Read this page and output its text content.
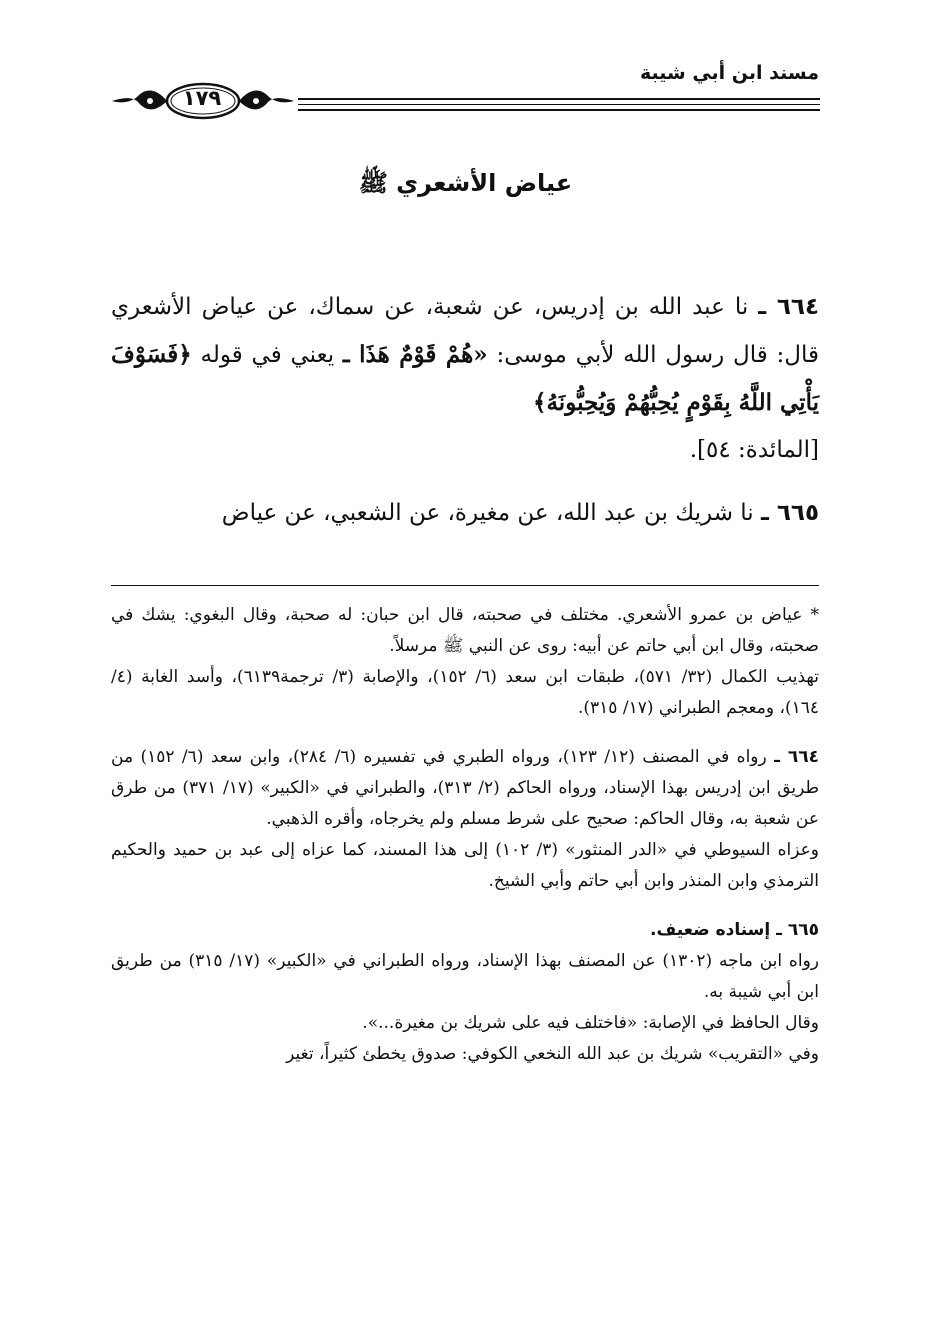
مسند ابن أبي شيبة
١٧٩
عياض الأشعري ﷺ

٦٦٤ ـ نا عبد الله بن إدريس، عن شعبة، عن سماك، عن عياض الأشعري قال: قال رسول الله لأبي موسى: «هُمْ قَوْمٌ هَذَا ـ يعني في قوله ﴿فَسَوْفَ يَأْتِي اللَّهُ بِقَوْمٍ يُحِبُّهُمْ وَيُحِبُّونَهُ﴾
[المائدة: ٥٤].

٦٦٥ ـ نا شريك بن عبد الله، عن مغيرة، عن الشعبي، عن عياض

* عياض بن عمرو الأشعري. مختلف في صحبته، قال ابن حبان: له صحبة، وقال البغوي: يشك في صحبته، وقال ابن أبي حاتم عن أبيه: روى عن النبي ﷺ مرسلاً.

تهذيب الكمال (٣٢/ ٥٧١)، طبقات ابن سعد (٦/ ١٥٢)، والإصابة (٣/ ترجمة٦١٣٩)، وأسد الغابة (٤/ ١٦٤)، ومعجم الطبراني (١٧/ ٣١٥).

٦٦٤ ـ رواه في المصنف (١٢/ ١٢٣)، ورواه الطبري في تفسيره (٦/ ٢٨٤)، وابن سعد (٦/ ١٥٢) من طريق ابن إدريس بهذا الإسناد، ورواه الحاكم (٢/ ٣١٣)، والطبراني في «الكبير» (١٧/ ٣٧١) من طرق عن شعبة به، وقال الحاكم: صحيح على شرط مسلم ولم يخرجاه، وأقره الذهبي.

وعزاه السيوطي في «الدر المنثور» (٣/ ١٠٢) إلى هذا المسند، كما عزاه إلى عبد بن حميد والحكيم الترمذي وابن المنذر وابن أبي حاتم وأبي الشيخ.

٦٦٥ ـ إسناده ضعيف.

رواه ابن ماجه (١٣٠٢) عن المصنف بهذا الإسناد، ورواه الطبراني في «الكبير» (١٧/ ٣١٥) من طريق ابن أبي شيبة به.

وقال الحافظ في الإصابة: «فاختلف فيه على شريك بن مغيرة...».

وفي «التقريب» شريك بن عبد الله النخعي الكوفي: صدوق يخطئ كثيراً، تغير
